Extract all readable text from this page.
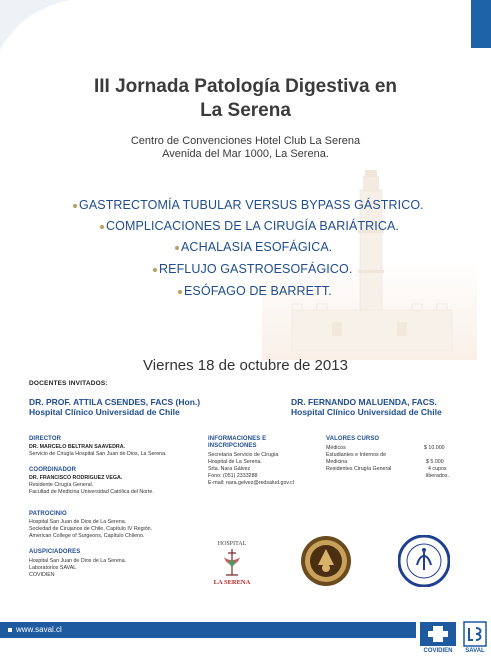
III Jornada Patología Digestiva en
La Serena
Centro de Convenciones Hotel Club La Serena
Avenida del Mar 1000, La Serena.
GASTRECTOMÍA TUBULAR VERSUS BYPASS GÁSTRICO.
COMPLICACIONES DE LA CIRUGÍA BARIÁTRICA.
ACHALASIA ESOFÁGICA.
REFLUJO GASTROESOFÁGICO.
ESÓFAGO DE BARRETT.
Viernes 18 de octubre de 2013
DOCENTES INVITADOS:
DR. PROF. ATTILA CSENDES, FACS (Hon.)
Hospital Clínico Universidad de Chile
DR. FERNANDO MALUENDA, FACS.
Hospital Clínico Universidad de Chile
DIRECTOR
DR. MARCELO BELTRAN SAAVEDRA.
Servicio de Cirugía Hospital San Juan de Dios, La Serena.
COORDINADOR
DR. FRANCISCO RODRIGUEZ VEGA.
Residente Cirugía General.
Facultad de Medicina Universidad Católica del Norte.
INFORMACIONES E
INSCRIPCIONES
Secretaria Servicio de Cirugía
Hospital de La Serena.
Srta. Nara Gálvez
Fono: (051) 2333288
E-mail: nara.gelvez@redsalud.gov.cl
VALORES CURSO
Médicos	$ 10.000
Estudiantes e Internos de
Medicina	$ 5.000
Residentes Cirugía General	4 cupos
liberados.
PATROCINIO
Hospital San Juan de Dios de La Serena.
Sociedad de Cirujanos de Chile, Capítulo IV Región.
American College of Surgeons, Capítulo Chileno.
AUSPICIADORES
Hospital San Juan de Dios de La Serena.
Laboratorios SAVAL
COVIDIEN
HOSPITAL
LA SERENA
www.saval.cl
COVIDIEN	SAVAL
